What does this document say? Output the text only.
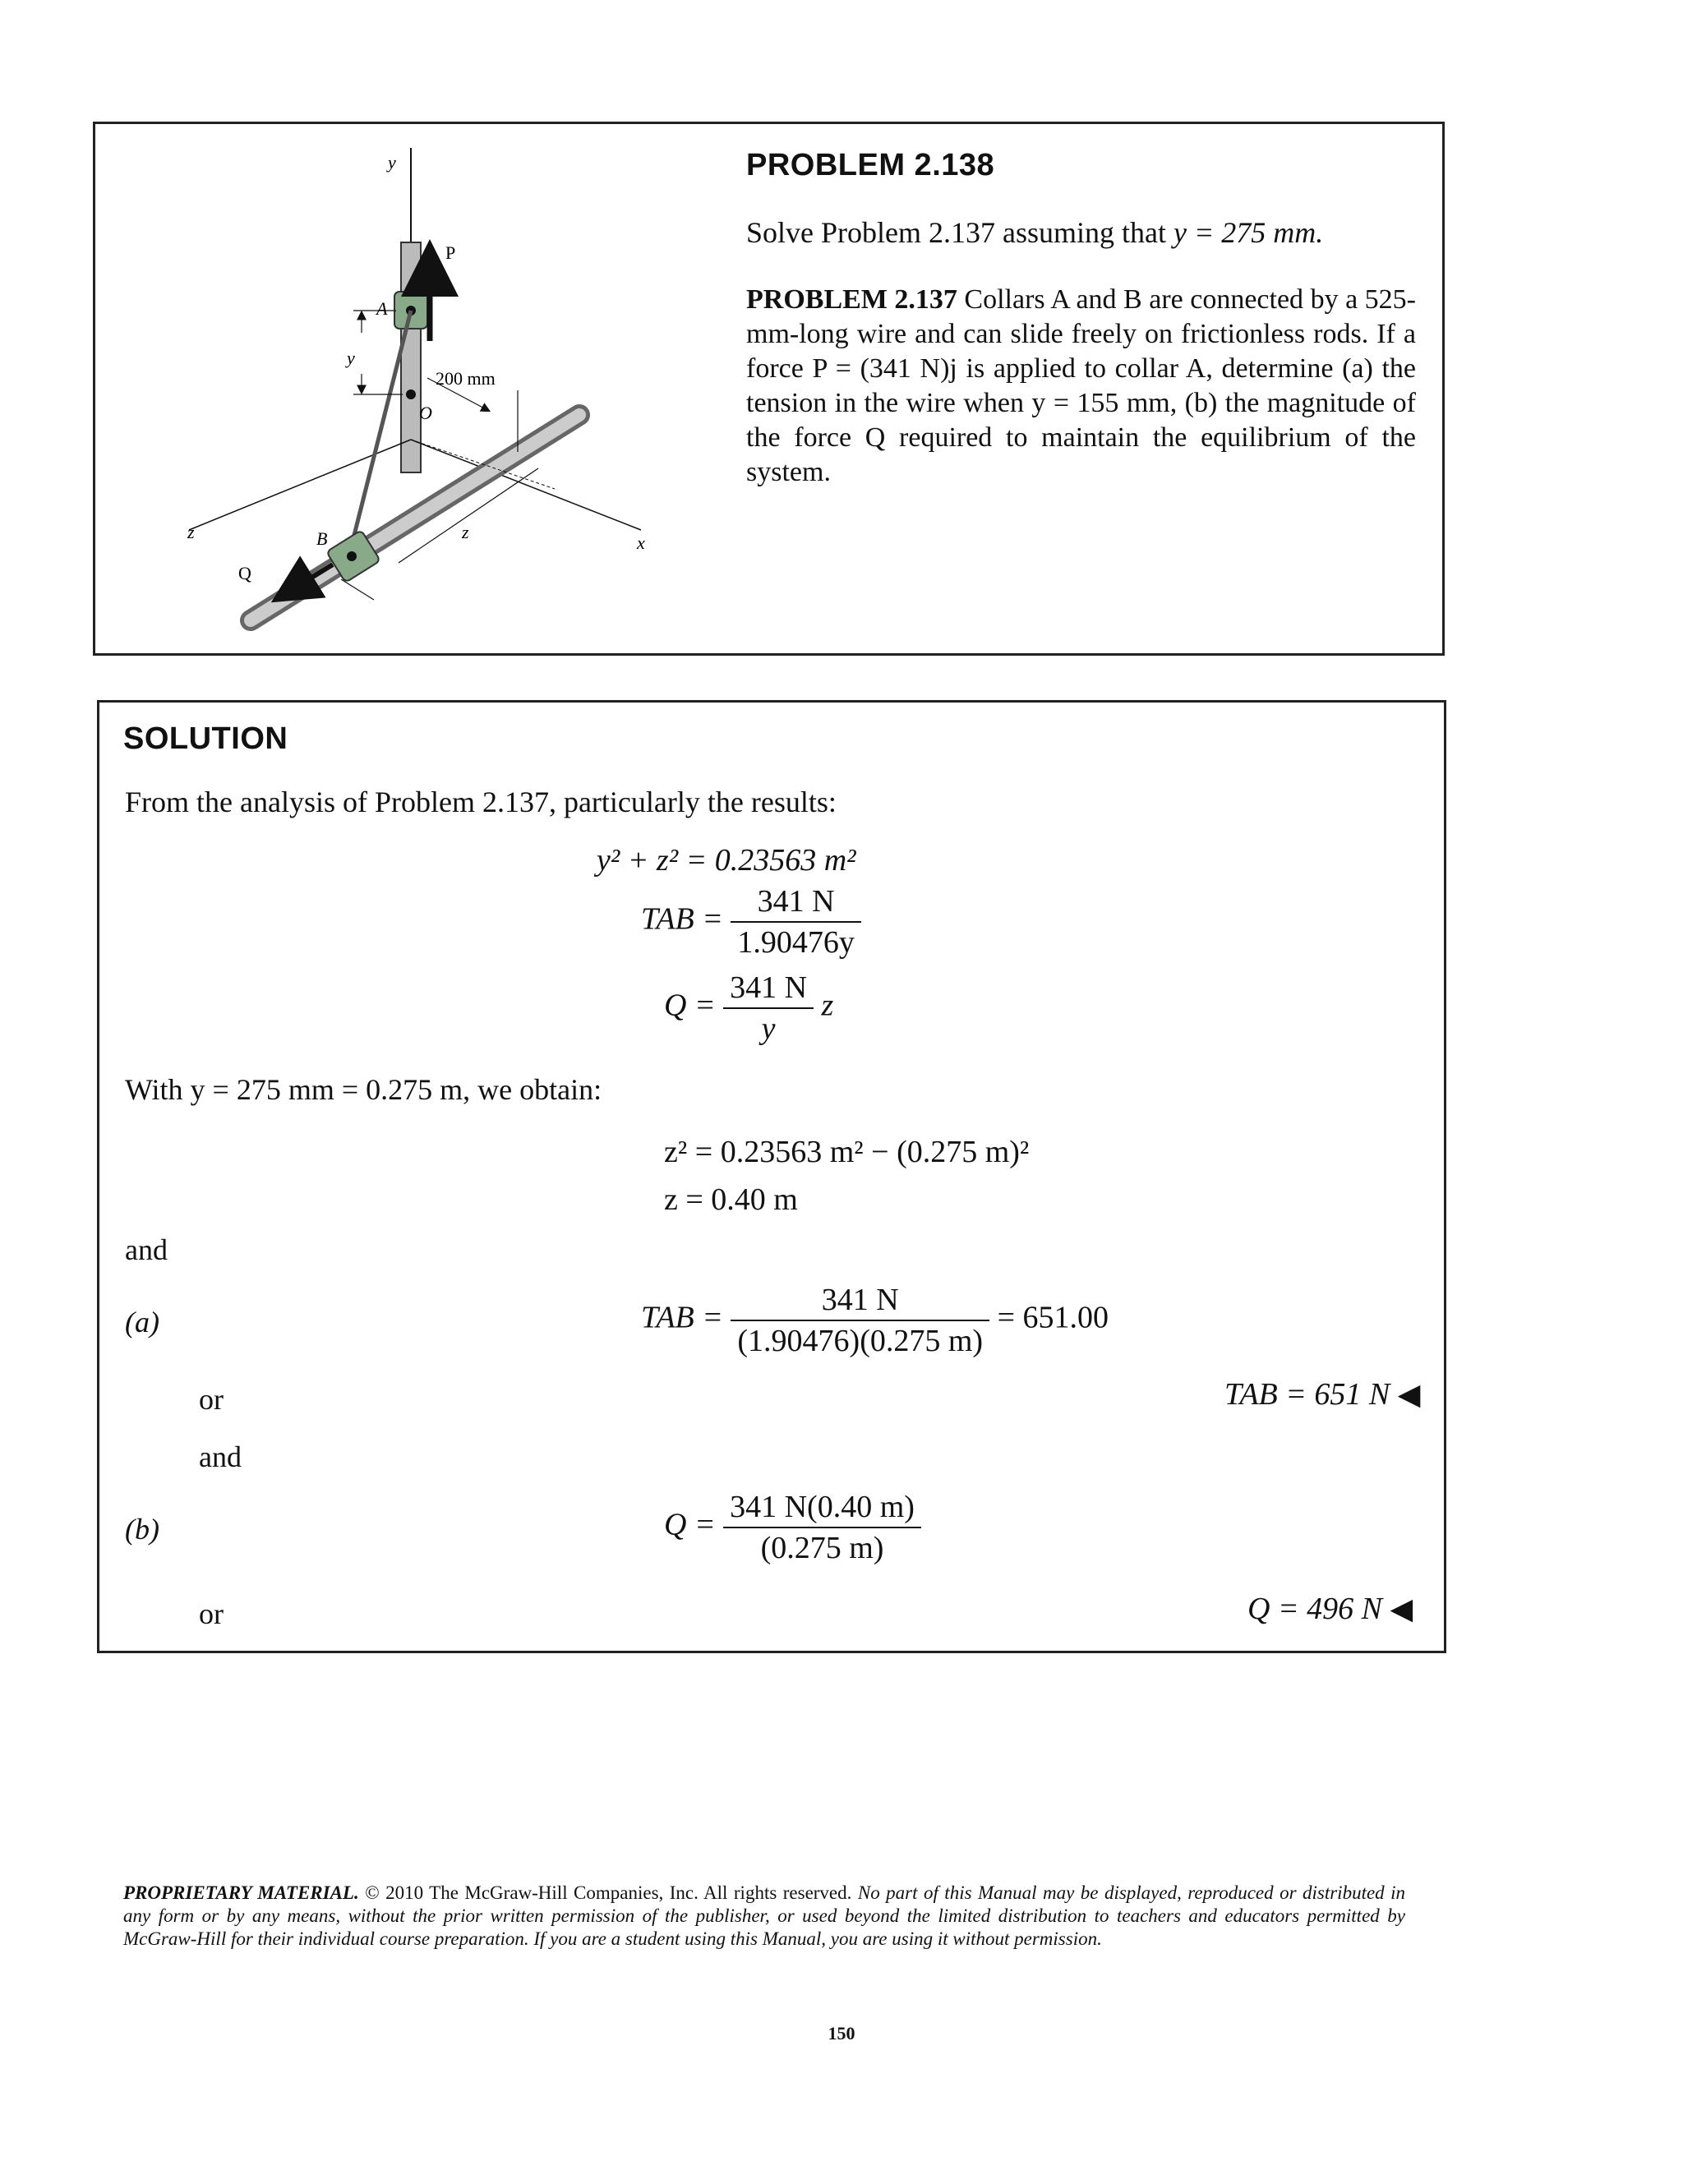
y
P
A
y
200 mm
O
z	B
Q
z
x
PROBLEM 2.138
Solve Problem 2.137 assuming that y = 275 mm.
PROBLEM 2.137 Collars A and B are connected by a 525-mm-long wire and can slide freely on frictionless rods. If a force P = (341 N)j is applied to collar A, determine (a) the tension in the wire when y = 155 mm, (b) the magnitude of the force Q required to maintain the equilibrium of the system.
SOLUTION
From the analysis of Problem 2.137, particularly the results:
y² + z² = 0.23563 m²
TAB = $\frac{341 N}{1.90476y}$
$Q = \frac{341 N}{y}$ z
With y = 275 mm = 0.275 m, we obtain:
z² = 0.23563 m² − (0.275 m)²
z = 0.40 m
and
(a)	TAB = $\frac{341 N}{(1.90476)(0.275 m)} = 651.00$
or	TAB = 651 N ◀
and
(b)	$Q = \frac{341 N(0.40 m)}{(0.275 m)}$
or	Q = 496 N ◀
PROPRIETARY MATERIAL. © 2010 The McGraw-Hill Companies, Inc. All rights reserved. No part of this Manual may be displayed, reproduced or distributed in any form or by any means, without the prior written permission of the publisher, or used beyond the limited distribution to teachers and educators permitted by McGraw-Hill for their individual course preparation. If you are a student using this Manual, you are using it without permission.
150
